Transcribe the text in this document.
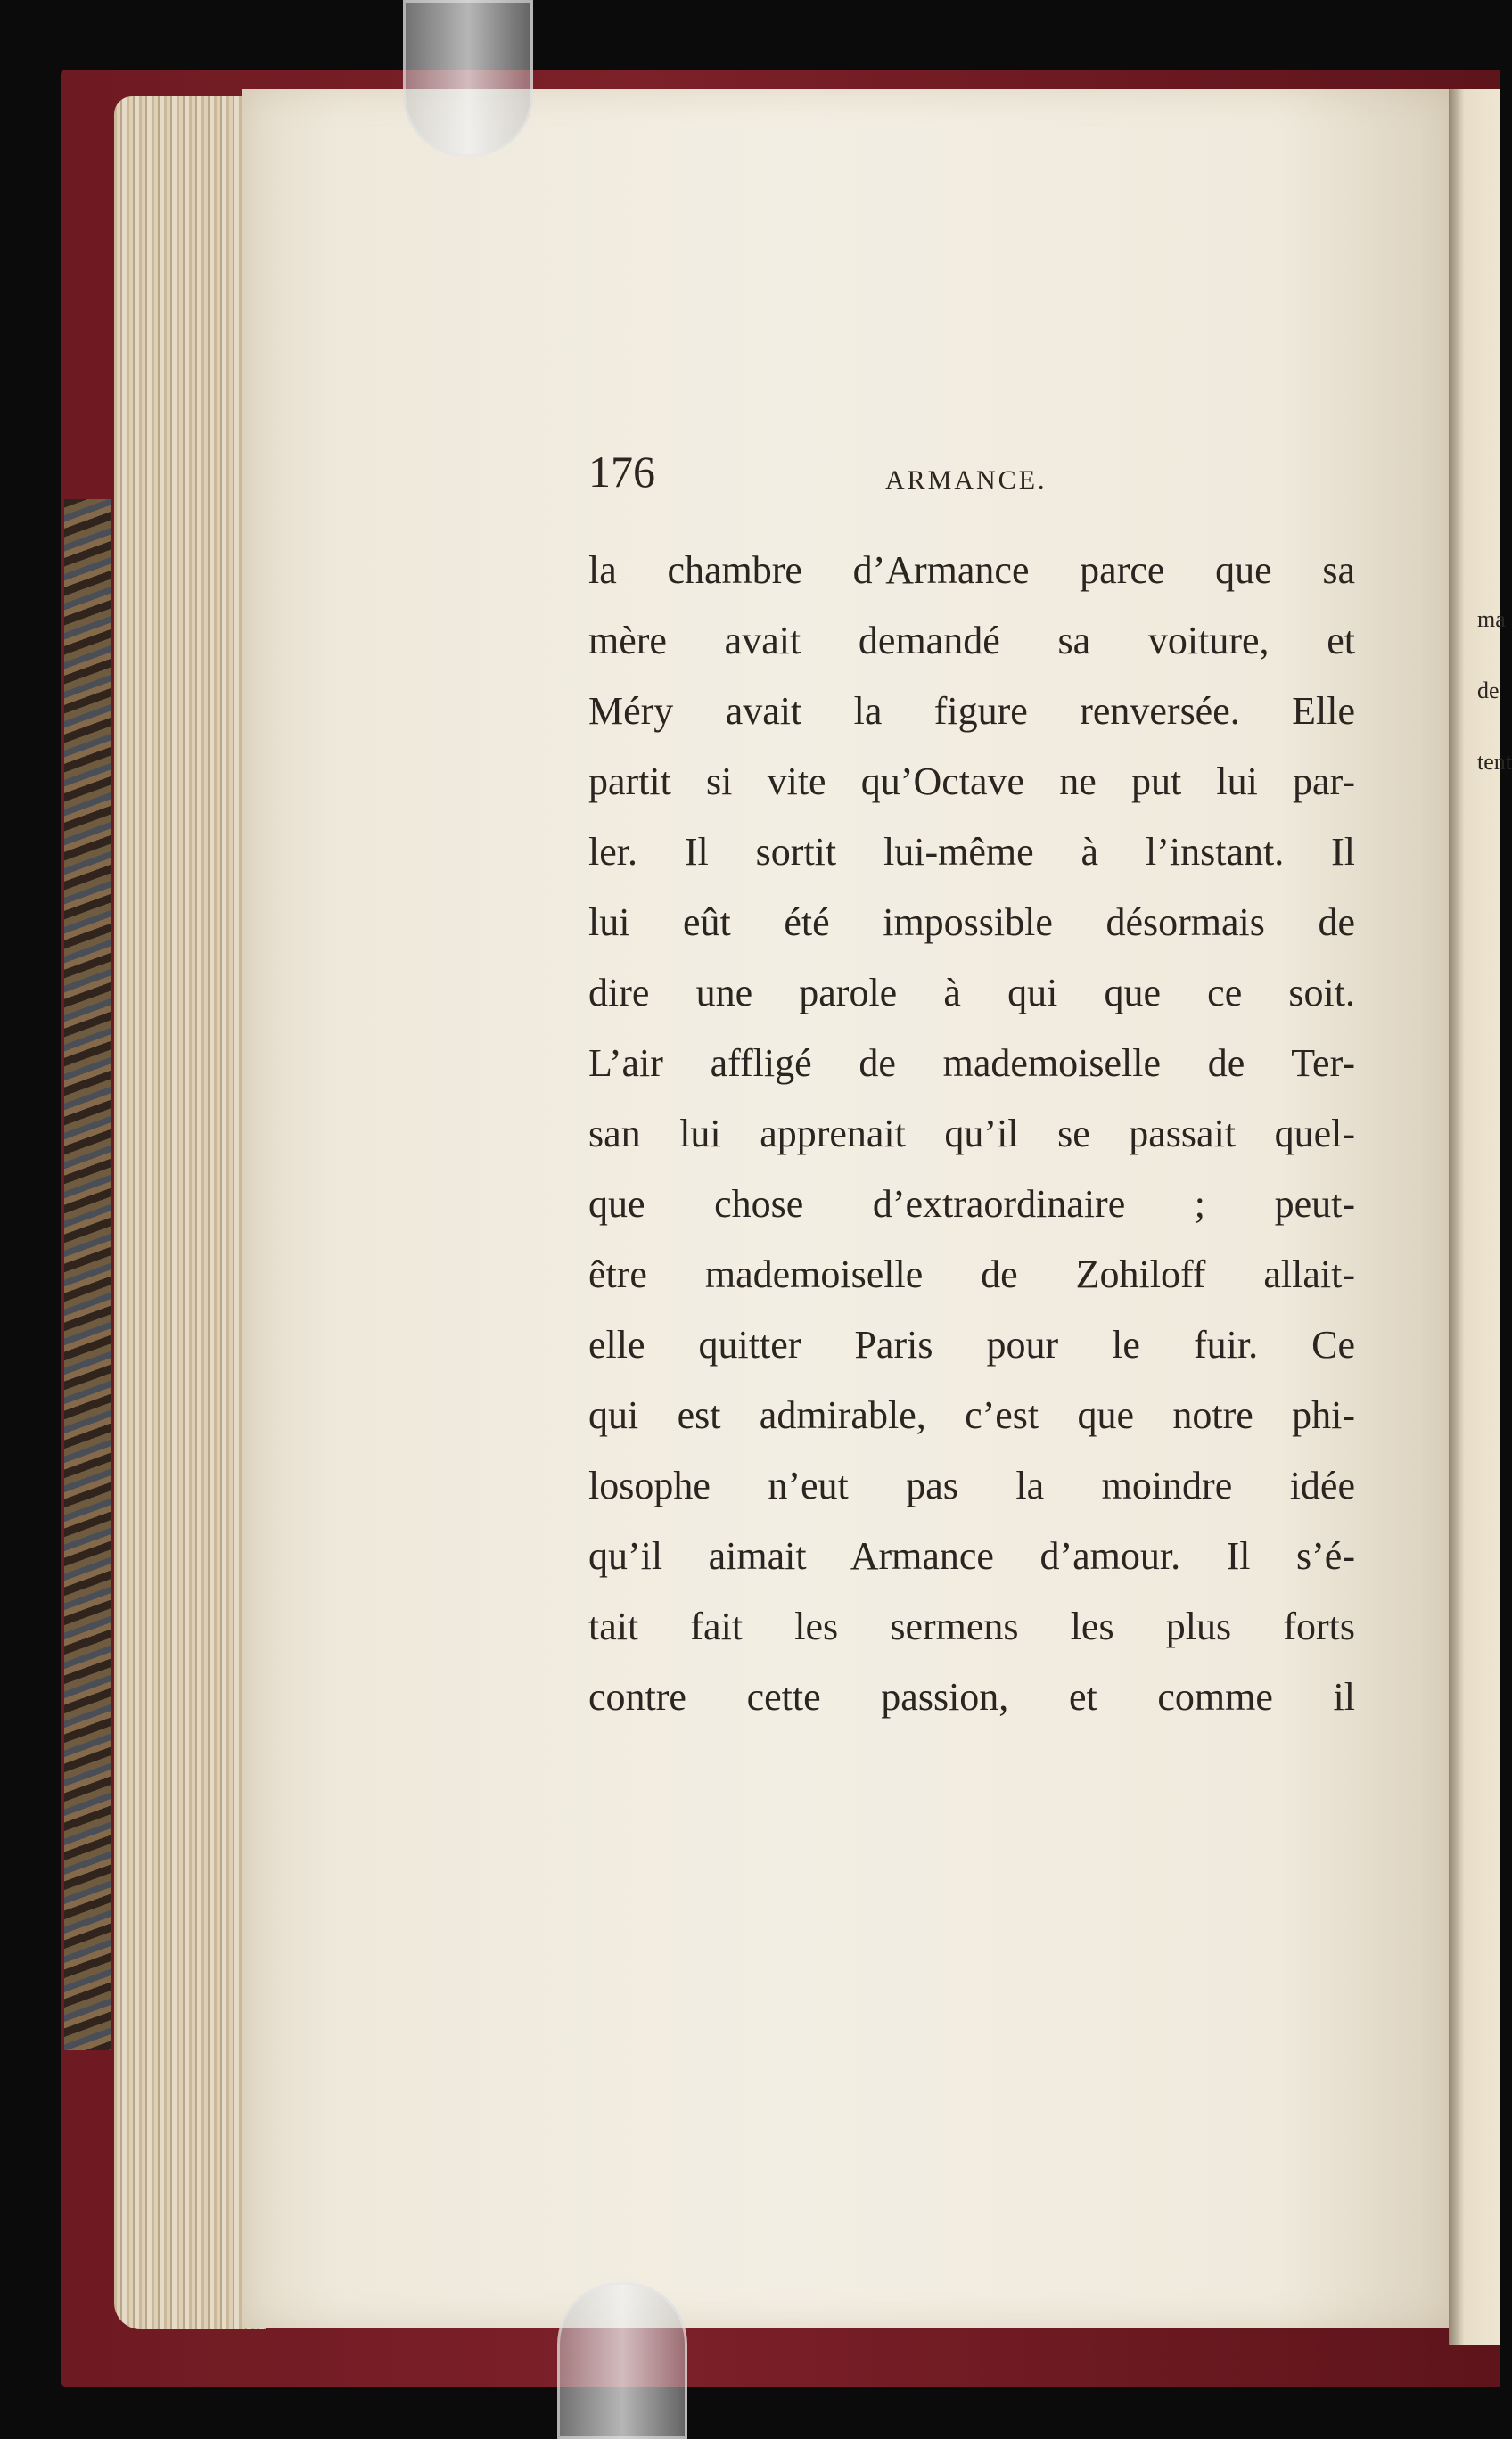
ma
de
tent
176	ARMANCE.
la chambre d’Armance parce que sa
mère avait demandé sa voiture, et
Méry avait la figure renversée. Elle
partit si vite qu’Octave ne put lui par-
ler. Il sortit lui-même à l’instant. Il
lui eût été impossible désormais de
dire une parole à qui que ce soit.
L’air affligé de mademoiselle de Ter-
san lui apprenait qu’il se passait quel-
que chose d’extraordinaire ; peut-
être mademoiselle de Zohiloff allait-
elle quitter Paris pour le fuir. Ce
qui est admirable, c’est que notre phi-
losophe n’eut pas la moindre idée
qu’il aimait Armance d’amour. Il s’é-
tait fait les sermens les plus forts
contre cette passion, et comme il
